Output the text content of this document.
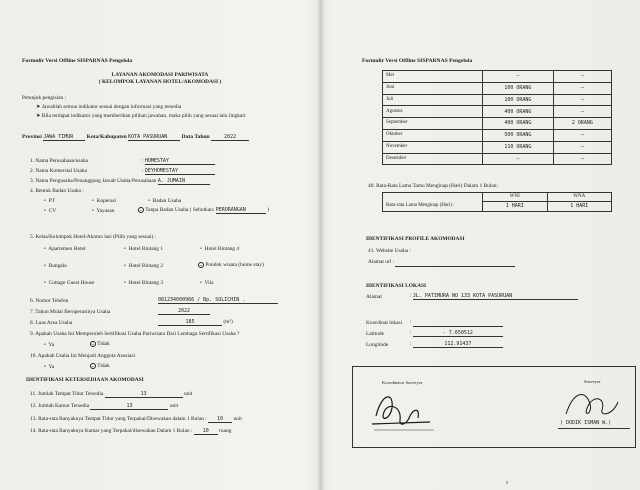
Formulir Versi Offline SISPARNAS Pengelola
LAYANAN AKOMODASI PARIWISATA
( KELOMPOK LAYANAN HOTEL/AKOMODASI )
Petunjuk pengisian :
➤ Jawablah semua indikator sesuai dengan informasi yang tersedia
➤ Bila terdapat indikator yang memberikan pilihan jawaban, maka pilih yang sesuai lalu lingkari
Provinsi JAWA TIMUR Kota/Kabupaten KOTA PASURUAN	Data Tahun	2022
1. Nama Perusahaan/usaha	: HOMESTAY
2. Nama Komersial Usaha	: DEYHOMESTAY
3. Nama Pengusaha/Penanggung Jawab Usaha/Perusahaan A. JUMAIN
4. Bentuk Badan Usaha :
•  PT	•  Koperasi	•  Badan Usaha
•  CV	•  Yayasan	• Tanpa Badan Usaha ( Sebutkan: PERORANGAN	)
5. Kelas/Kelompok Hotel/Akomo lasi (Pilih yang sesuai) :
•  Apartemen Hotel	•  Hotel Bintang 1	•  Hotel Bintang 4
•  Bungalo	•  Hotel Bintang 2	• Pondok wisata (home stay)
•  Cottage Guest House	•  Hotel Bintang 3	•  Vila
6. Nomor Telefon	081234000966 / Bp. SOLICHIN .
7. Tahun Mulai Beroperasinya Usaha	2022
8. Luas Area Usaha	185	(m²)
9. Apakah Usaha Ini Memperoleh Sertifikasi Usaha Pariwisata Dari Lembaga Sertifikasi Usaha ?
•  Ya	• Tidak
10. Apakah Usaha Ini Menjadi Anggota Asosiasi
•  Ya	• Tidak
IDENTIFIKASI KETERSEDIAAN AKOMODASI
11. Jumlah Tempat Tidur Tersedia	13	unit
12. Jumlah Kamar Tersedia	13	unit
13. Rata-rata Banyaknya Tempat Tidur yang Terpakai/Disewakan dalam 1 Bulan : 10 unit
14. Rata-rata Banyaknya Kamar yang Terpakai/disewakan Dalam 1 Bulan : 10 ruang
Formulir Versi Offline SISPARNAS Pengelola
Mei	–	–
Juni	100 ORANG	–
Juli	100 ORANG	–
Agustus	400 ORANG	–
September	400 ORANG	2 ORANG
Oktober	500 ORANG	–
November	110 ORANG	–
Desember	–	–
40. Rata-Rata Lama Tamu Menginap (Hari) Dalam 1 Bulan:
	WNI	WNA
Rata-rata Lama Menginap (Hari) :	1 HARI	1 HARI
IDENTIFIKASI PROFILE AKOMODASI
41. Website Usaha :
Alamat url :
IDENTIFIKASI LOKASI
Alamat	: JL. PATIMURA NO 133 KOTA PASURUAN
Koordinat lokasi :
Latitude	:	- 7.650512
Longitude	:	112.91437
Koordinator Surveyor	Surveyor
( DODIK ISMAN W.)
5
